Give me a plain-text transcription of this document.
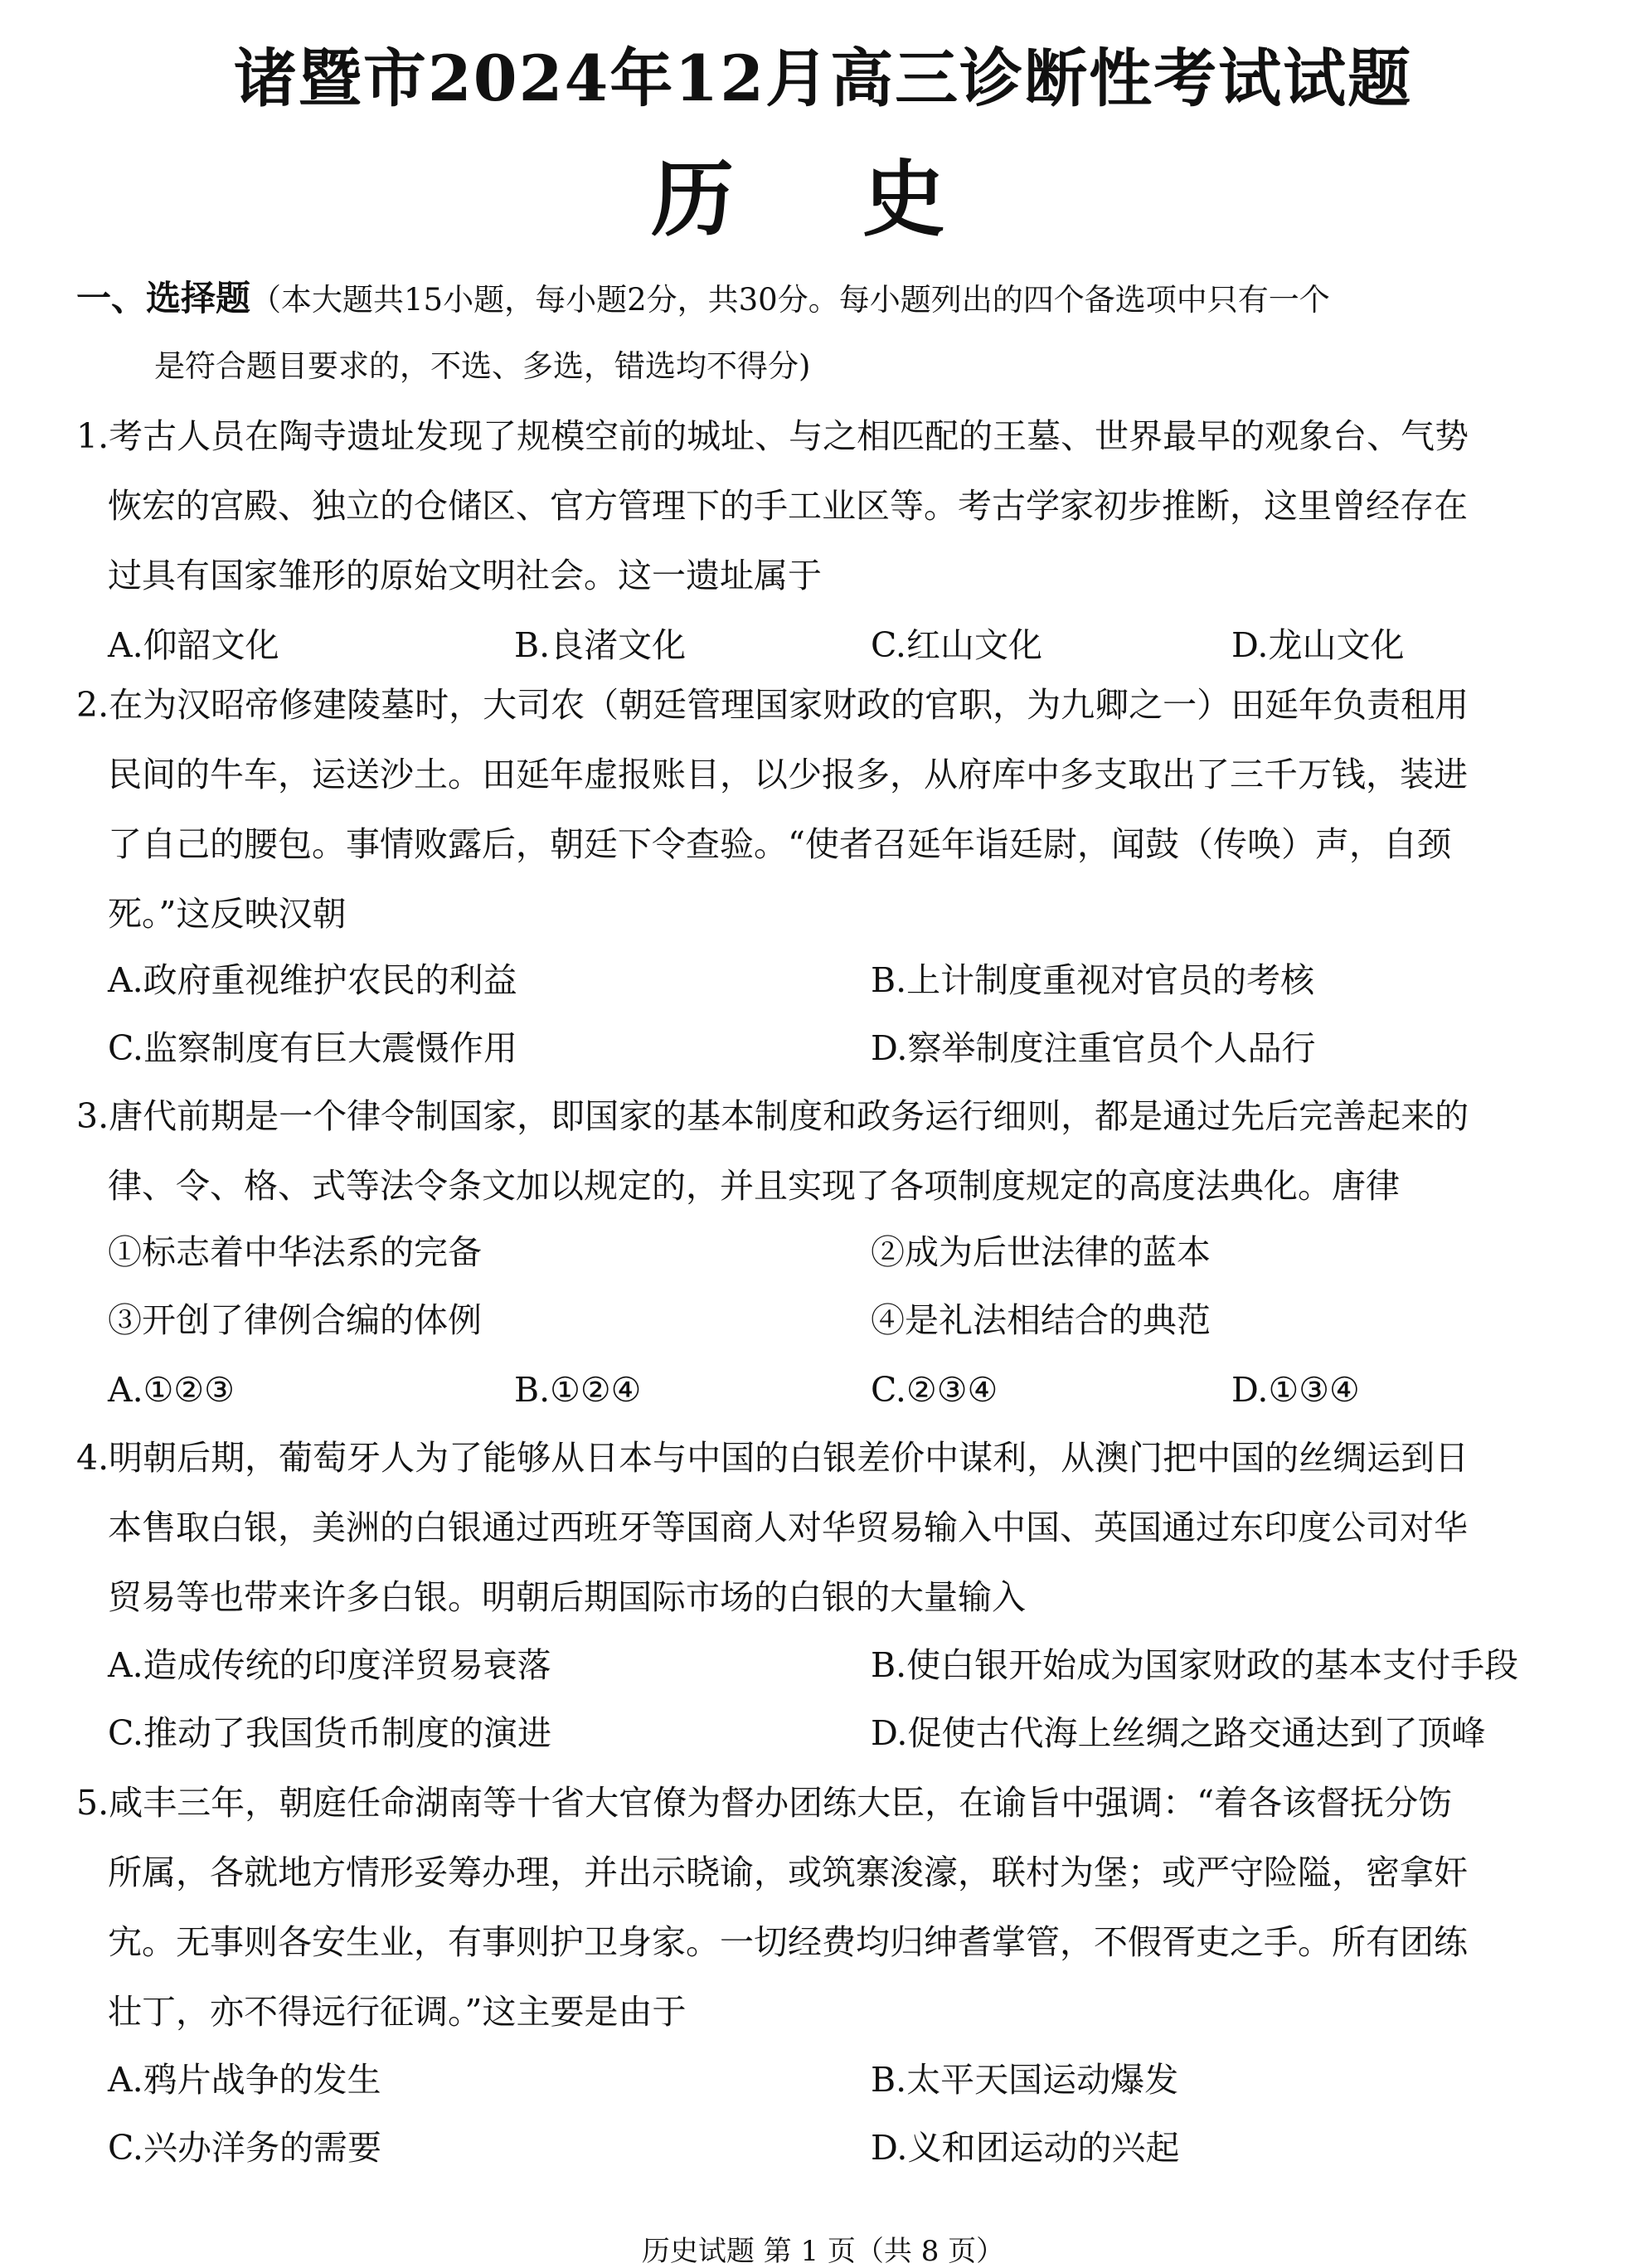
诸暨市2024年12月高三诊断性考试试题
历 史
一、选择题（本大题共15小题，每小题2分，共30分。每小题列出的四个备选项中只有一个
是符合题目要求的，不选、多选，错选均不得分)
1.考古人员在陶寺遗址发现了规模空前的城址、与之相匹配的王墓、世界最早的观象台、气势
恢宏的宫殿、独立的仓储区、官方管理下的手工业区等。考古学家初步推断，这里曾经存在
过具有国家雏形的原始文明社会。这一遗址属于
A.仰韶文化	B.良渚文化	C.红山文化	D.龙山文化
2.在为汉昭帝修建陵墓时，大司农（朝廷管理国家财政的官职，为九卿之一）田延年负责租用
民间的牛车，运送沙土。田延年虚报账目，以少报多，从府库中多支取出了三千万钱，装进
了自己的腰包。事情败露后，朝廷下令查验。“使者召延年诣廷尉，闻鼓（传唤）声，自颈
死。”这反映汉朝
A.政府重视维护农民的利益	B.上计制度重视对官员的考核
C.监察制度有巨大震慑作用	D.察举制度注重官员个人品行
3.唐代前期是一个律令制国家，即国家的基本制度和政务运行细则，都是通过先后完善起来的
律、令、格、式等法令条文加以规定的，并且实现了各项制度规定的高度法典化。唐律
①标志着中华法系的完备	②成为后世法律的蓝本
③开创了律例合编的体例	④是礼法相结合的典范
A.①②③	B.①②④	C.②③④	D.①③④
4.明朝后期，葡萄牙人为了能够从日本与中国的白银差价中谋利，从澳门把中国的丝绸运到日
本售取白银，美洲的白银通过西班牙等国商人对华贸易输入中国、英国通过东印度公司对华
贸易等也带来许多白银。明朝后期国际市场的白银的大量输入
A.造成传统的印度洋贸易衰落	B.使白银开始成为国家财政的基本支付手段
C.推动了我国货币制度的演进	D.促使古代海上丝绸之路交通达到了顶峰
5.咸丰三年，朝庭任命湖南等十省大官僚为督办团练大臣，在谕旨中强调：“着各该督抚分饬
所属，各就地方情形妥筹办理，并出示晓谕，或筑寨浚濠，联村为堡；或严守险隘，密拿奸
宄。无事则各安生业，有事则护卫身家。一切经费均归绅耆掌管，不假胥吏之手。所有团练
壮丁，亦不得远行征调。”这主要是由于
A.鸦片战争的发生	B.太平天国运动爆发
C.兴办洋务的需要	D.义和团运动的兴起
历史试题 第 1 页（共 8 页）
